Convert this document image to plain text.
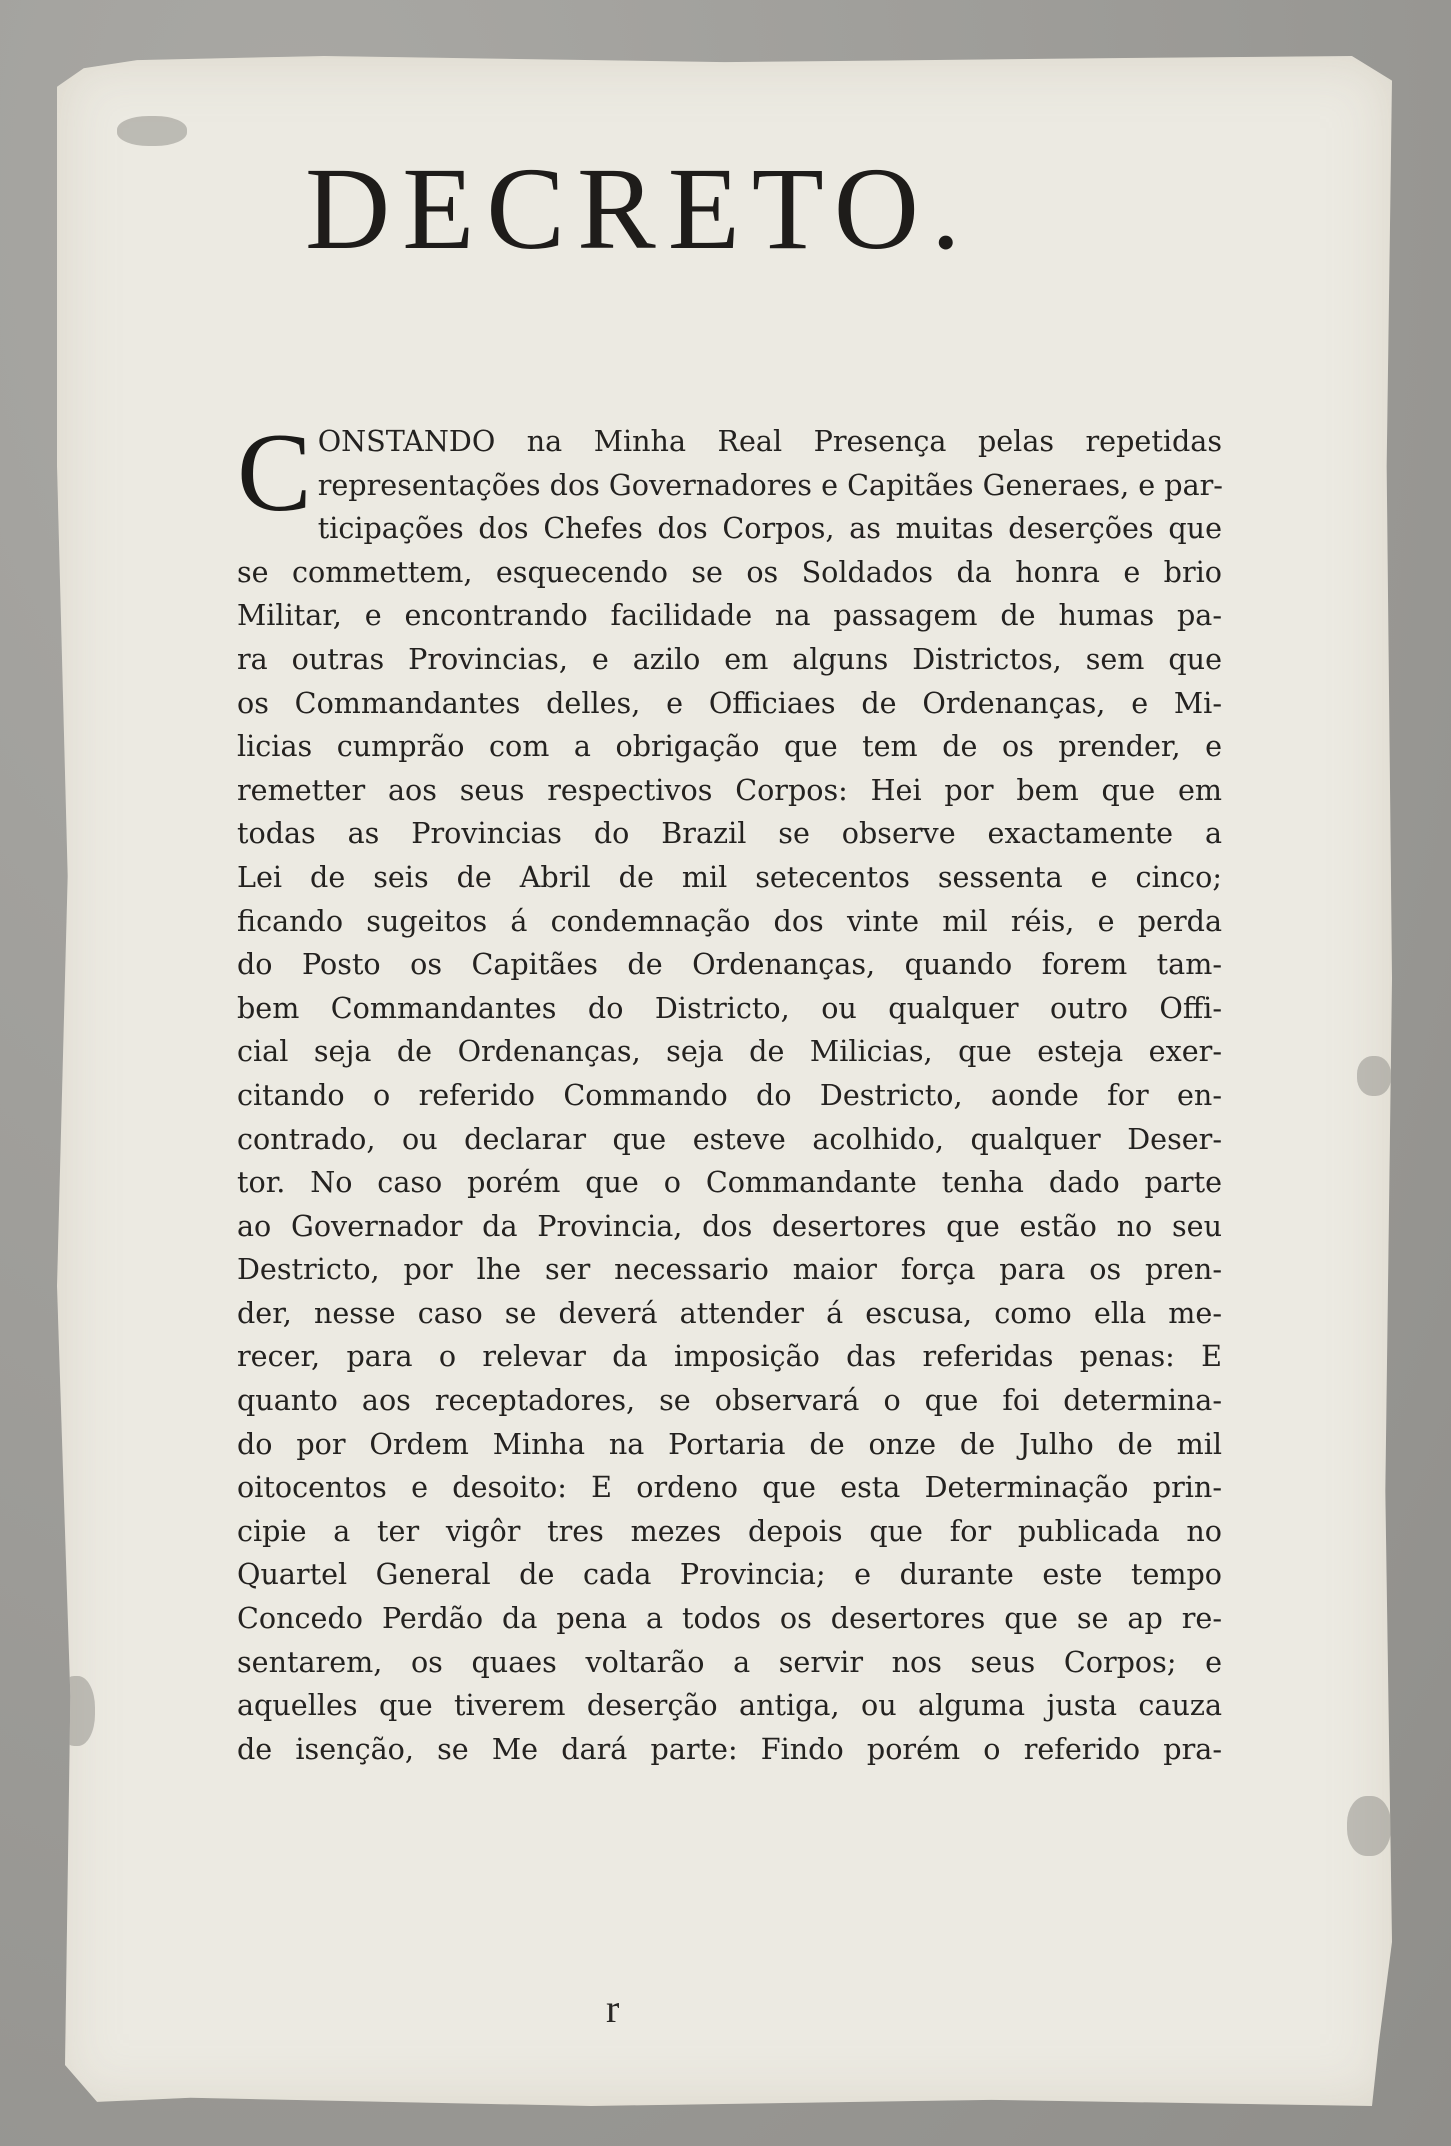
DECRETO.
C ONSTANDO na Minha Real Presença pelas repetidas
representações dos Governadores e Capitães Generaes, e par-
ticipações dos Chefes dos Corpos, as muitas deserções que
se commettem, esquecendo se os Soldados da honra e brio
Militar, e encontrando facilidade na passagem de humas pa-
ra outras Provincias, e azilo em alguns Districtos, sem que
os Commandantes delles, e Officiaes de Ordenanças, e Mi-
licias cumprão com a obrigação que tem de os prender, e
remetter aos seus respectivos Corpos: Hei por bem que em
todas as Provincias do Brazil se observe exactamente a
Lei de seis de Abril de mil setecentos sessenta e cinco;
ficando sugeitos á condemnação dos vinte mil réis, e perda
do Posto os Capitães de Ordenanças, quando forem tam-
bem Commandantes do Districto, ou qualquer outro Offi-
cial seja de Ordenanças, seja de Milicias, que esteja exer-
citando o referido Commando do Destricto, aonde for en-
contrado, ou declarar que esteve acolhido, qualquer Deser-
tor. No caso porém que o Commandante tenha dado parte
ao Governador da Provincia, dos desertores que estão no seu
Destricto, por lhe ser necessario maior força para os pren-
der, nesse caso se deverá attender á escusa, como ella me-
recer, para o relevar da imposição das referidas penas: E
quanto aos receptadores, se observará o que foi determina-
do por Ordem Minha na Portaria de onze de Julho de mil
oitocentos e desoito: E ordeno que esta Determinação prin-
cipie a ter vigôr tres mezes depois que for publicada no
Quartel General de cada Provincia; e durante este tempo
Concedo Perdão da pena a todos os desertores que se ap re-
sentarem, os quaes voltarão a servir nos seus Corpos; e
aquelles que tiverem deserção antiga, ou alguma justa cauza
de isenção, se Me dará parte: Findo porém o referido pra-
r
